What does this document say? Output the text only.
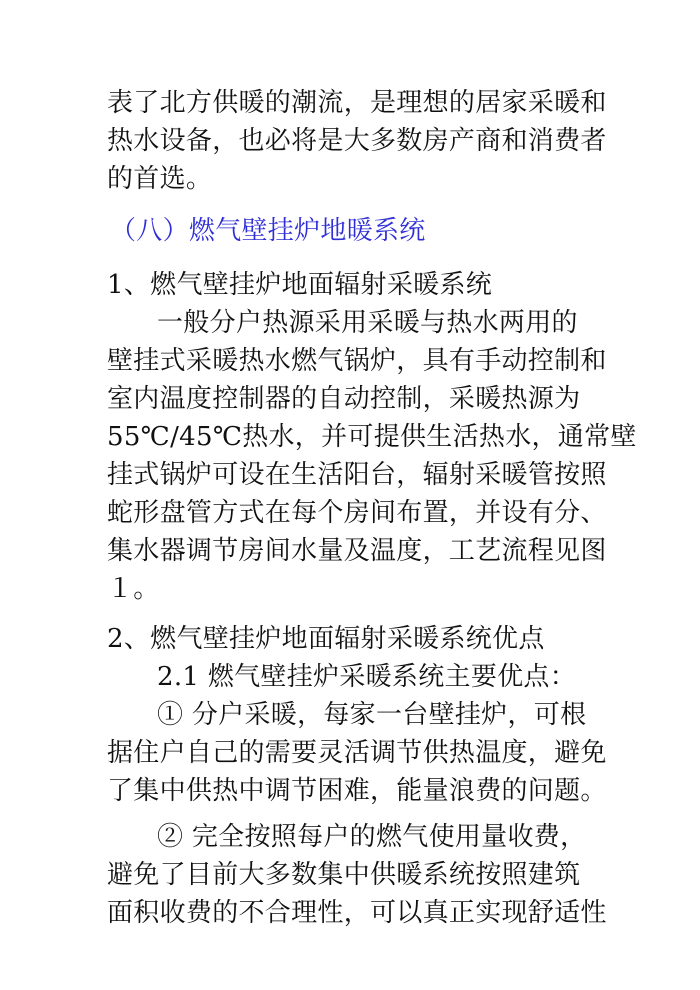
表了北方供暖的潮流，是理想的居家采暖和
热水设备，也必将是大多数房产商和消费者
的首选。
（八）燃气壁挂炉地暖系统
1、燃气壁挂炉地面辐射采暖系统
一般分户热源采用采暖与热水两用的
壁挂式采暖热水燃气锅炉，具有手动控制和
室内温度控制器的自动控制，采暖热源为
55℃/45℃热水，并可提供生活热水，通常壁
挂式锅炉可设在生活阳台，辐射采暖管按照
蛇形盘管方式在每个房间布置，并设有分、
集水器调节房间水量及温度，工艺流程见图
１。
2、燃气壁挂炉地面辐射采暖系统优点
2.1 燃气壁挂炉采暖系统主要优点：
① 分户采暖，每家一台壁挂炉，可根
据住户自己的需要灵活调节供热温度，避免
了集中供热中调节困难，能量浪费的问题。
② 完全按照每户的燃气使用量收费，
避免了目前大多数集中供暖系统按照建筑
面积收费的不合理性，可以真正实现舒适性
